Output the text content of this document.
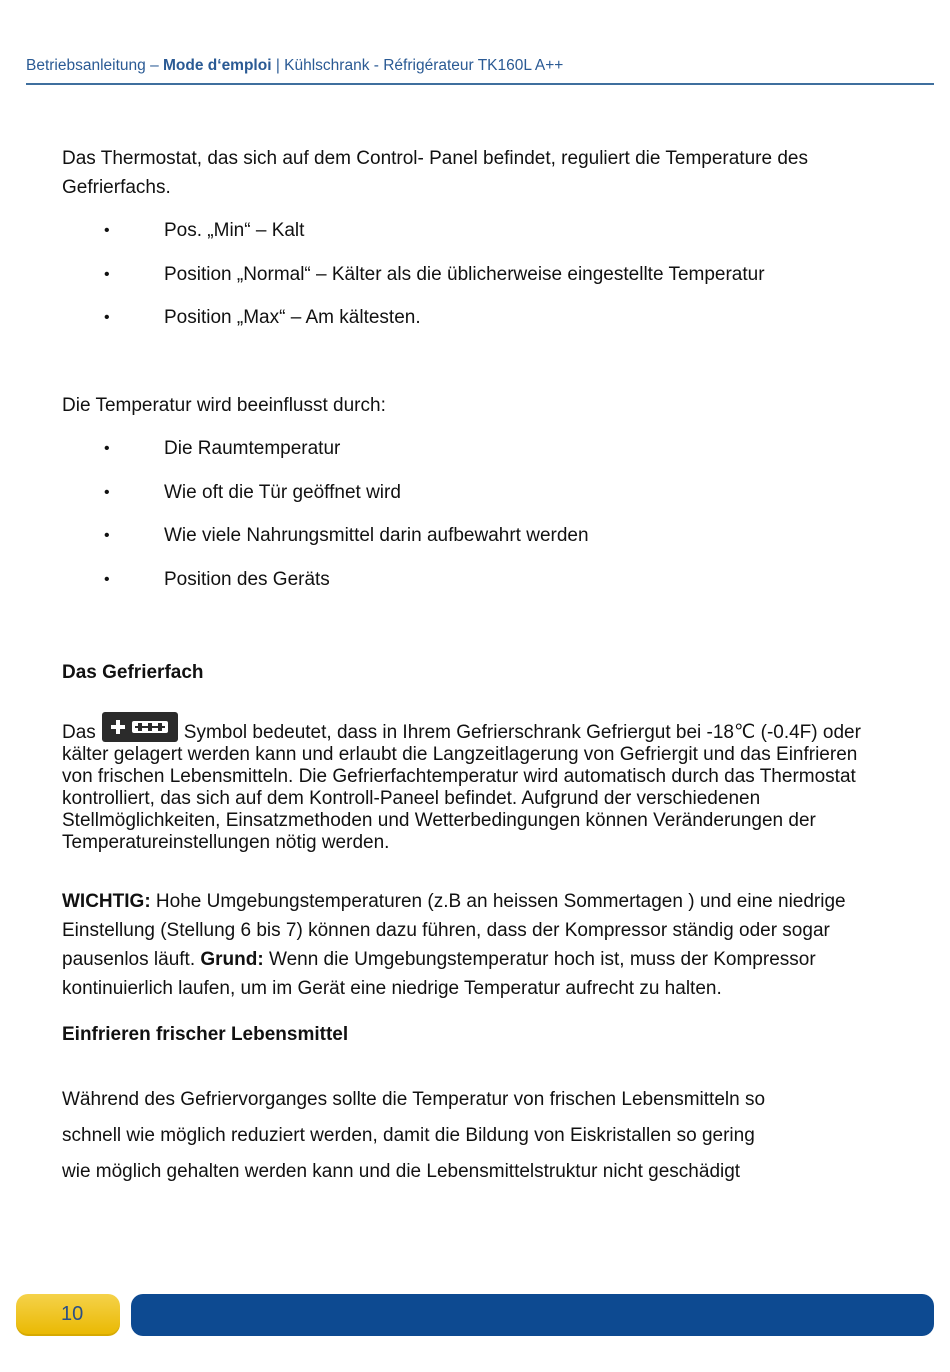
Betriebsanleitung – Mode d‘emploi | Kühlschrank - Réfrigérateur TK160L A++

Das Thermostat, das sich auf dem Control- Panel befindet, reguliert die Temperature des
Gefrierfachs.

•	Pos. „Min“ – Kalt
•	Position „Normal“ – Kälter als die üblicherweise eingestellte Temperatur
•	Position „Max“ – Am kältesten.

Die Temperatur wird beeinflusst durch:

•	Die Raumtemperatur
•	Wie oft die Tür geöffnet wird
•	Wie viele Nahrungsmittel darin aufbewahrt werden
•	Position des Geräts
Das Gefrierfach

Das	Symbol bedeutet, dass in Ihrem Gefrierschrank Gefriergut bei -18℃ (-0.4F) oder
kälter gelagert werden kann und erlaubt die Langzeitlagerung von Gefriergit und das Einfrieren
von frischen Lebensmitteln. Die Gefrierfachtemperatur wird automatisch durch das Thermostat
kontrolliert, das sich auf dem Kontroll-Paneel befindet. Aufgrund der verschiedenen
Stellmöglichkeiten, Einsatzmethoden und Wetterbedingungen können Veränderungen der
Temperatureinstellungen nötig werden.

WICHTIG: Hohe Umgebungstemperaturen (z.B an heissen Sommertagen ) und eine niedrige
Einstellung (Stellung 6 bis 7) können dazu führen, dass der Kompressor ständig oder sogar
pausenlos läuft. Grund: Wenn die Umgebungstemperatur hoch ist, muss der Kompressor
kontinuierlich laufen, um im Gerät eine niedrige Temperatur aufrecht zu halten.

Einfrieren frischer Lebensmittel

Während des Gefriervorganges sollte die Temperatur von frischen Lebensmitteln so
schnell wie möglich reduziert werden, damit die Bildung von Eiskristallen so gering
wie möglich gehalten werden kann und die Lebensmittelstruktur nicht geschädigt

10
